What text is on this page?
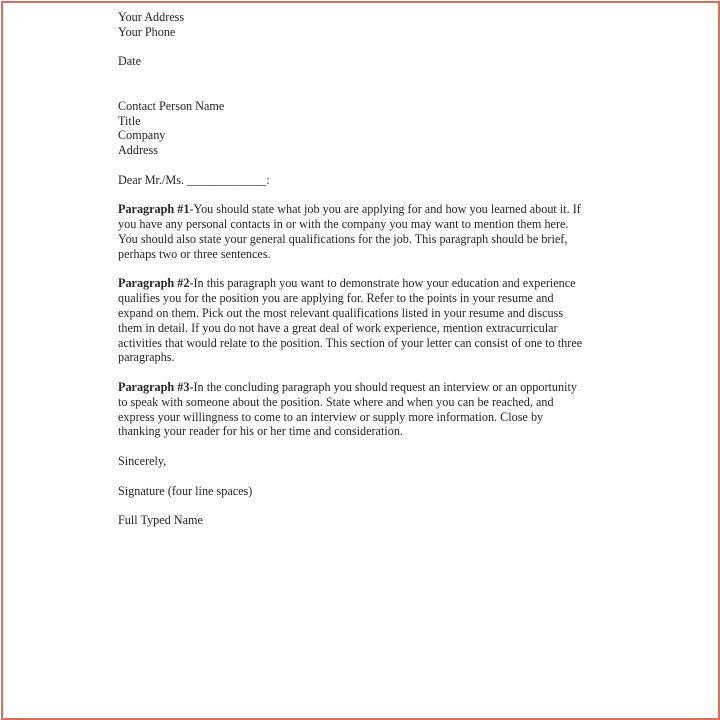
Your Address
Your Phone
Date
Contact Person Name
Title
Company
Address
Dear Mr./Ms. _____________:
Paragraph #1-You should state what job you are applying for and how you learned about it. If
you have any personal contacts in or with the company you may want to mention them here.
You should also state your general qualifications for the job. This paragraph should be brief,
perhaps two or three sentences.
Paragraph #2-In this paragraph you want to demonstrate how your education and experience
qualifies you for the position you are applying for. Refer to the points in your resume and
expand on them. Pick out the most relevant qualifications listed in your resume and discuss
them in detail. If you do not have a great deal of work experience, mention extracurricular
activities that would relate to the position. This section of your letter can consist of one to three
paragraphs.
Paragraph #3-In the concluding paragraph you should request an interview or an opportunity
to speak with someone about the position. State where and when you can be reached, and
express your willingness to come to an interview or supply more information. Close by
thanking your reader for his or her time and consideration.
Sincerely,
Signature (four line spaces)
Full Typed Name
